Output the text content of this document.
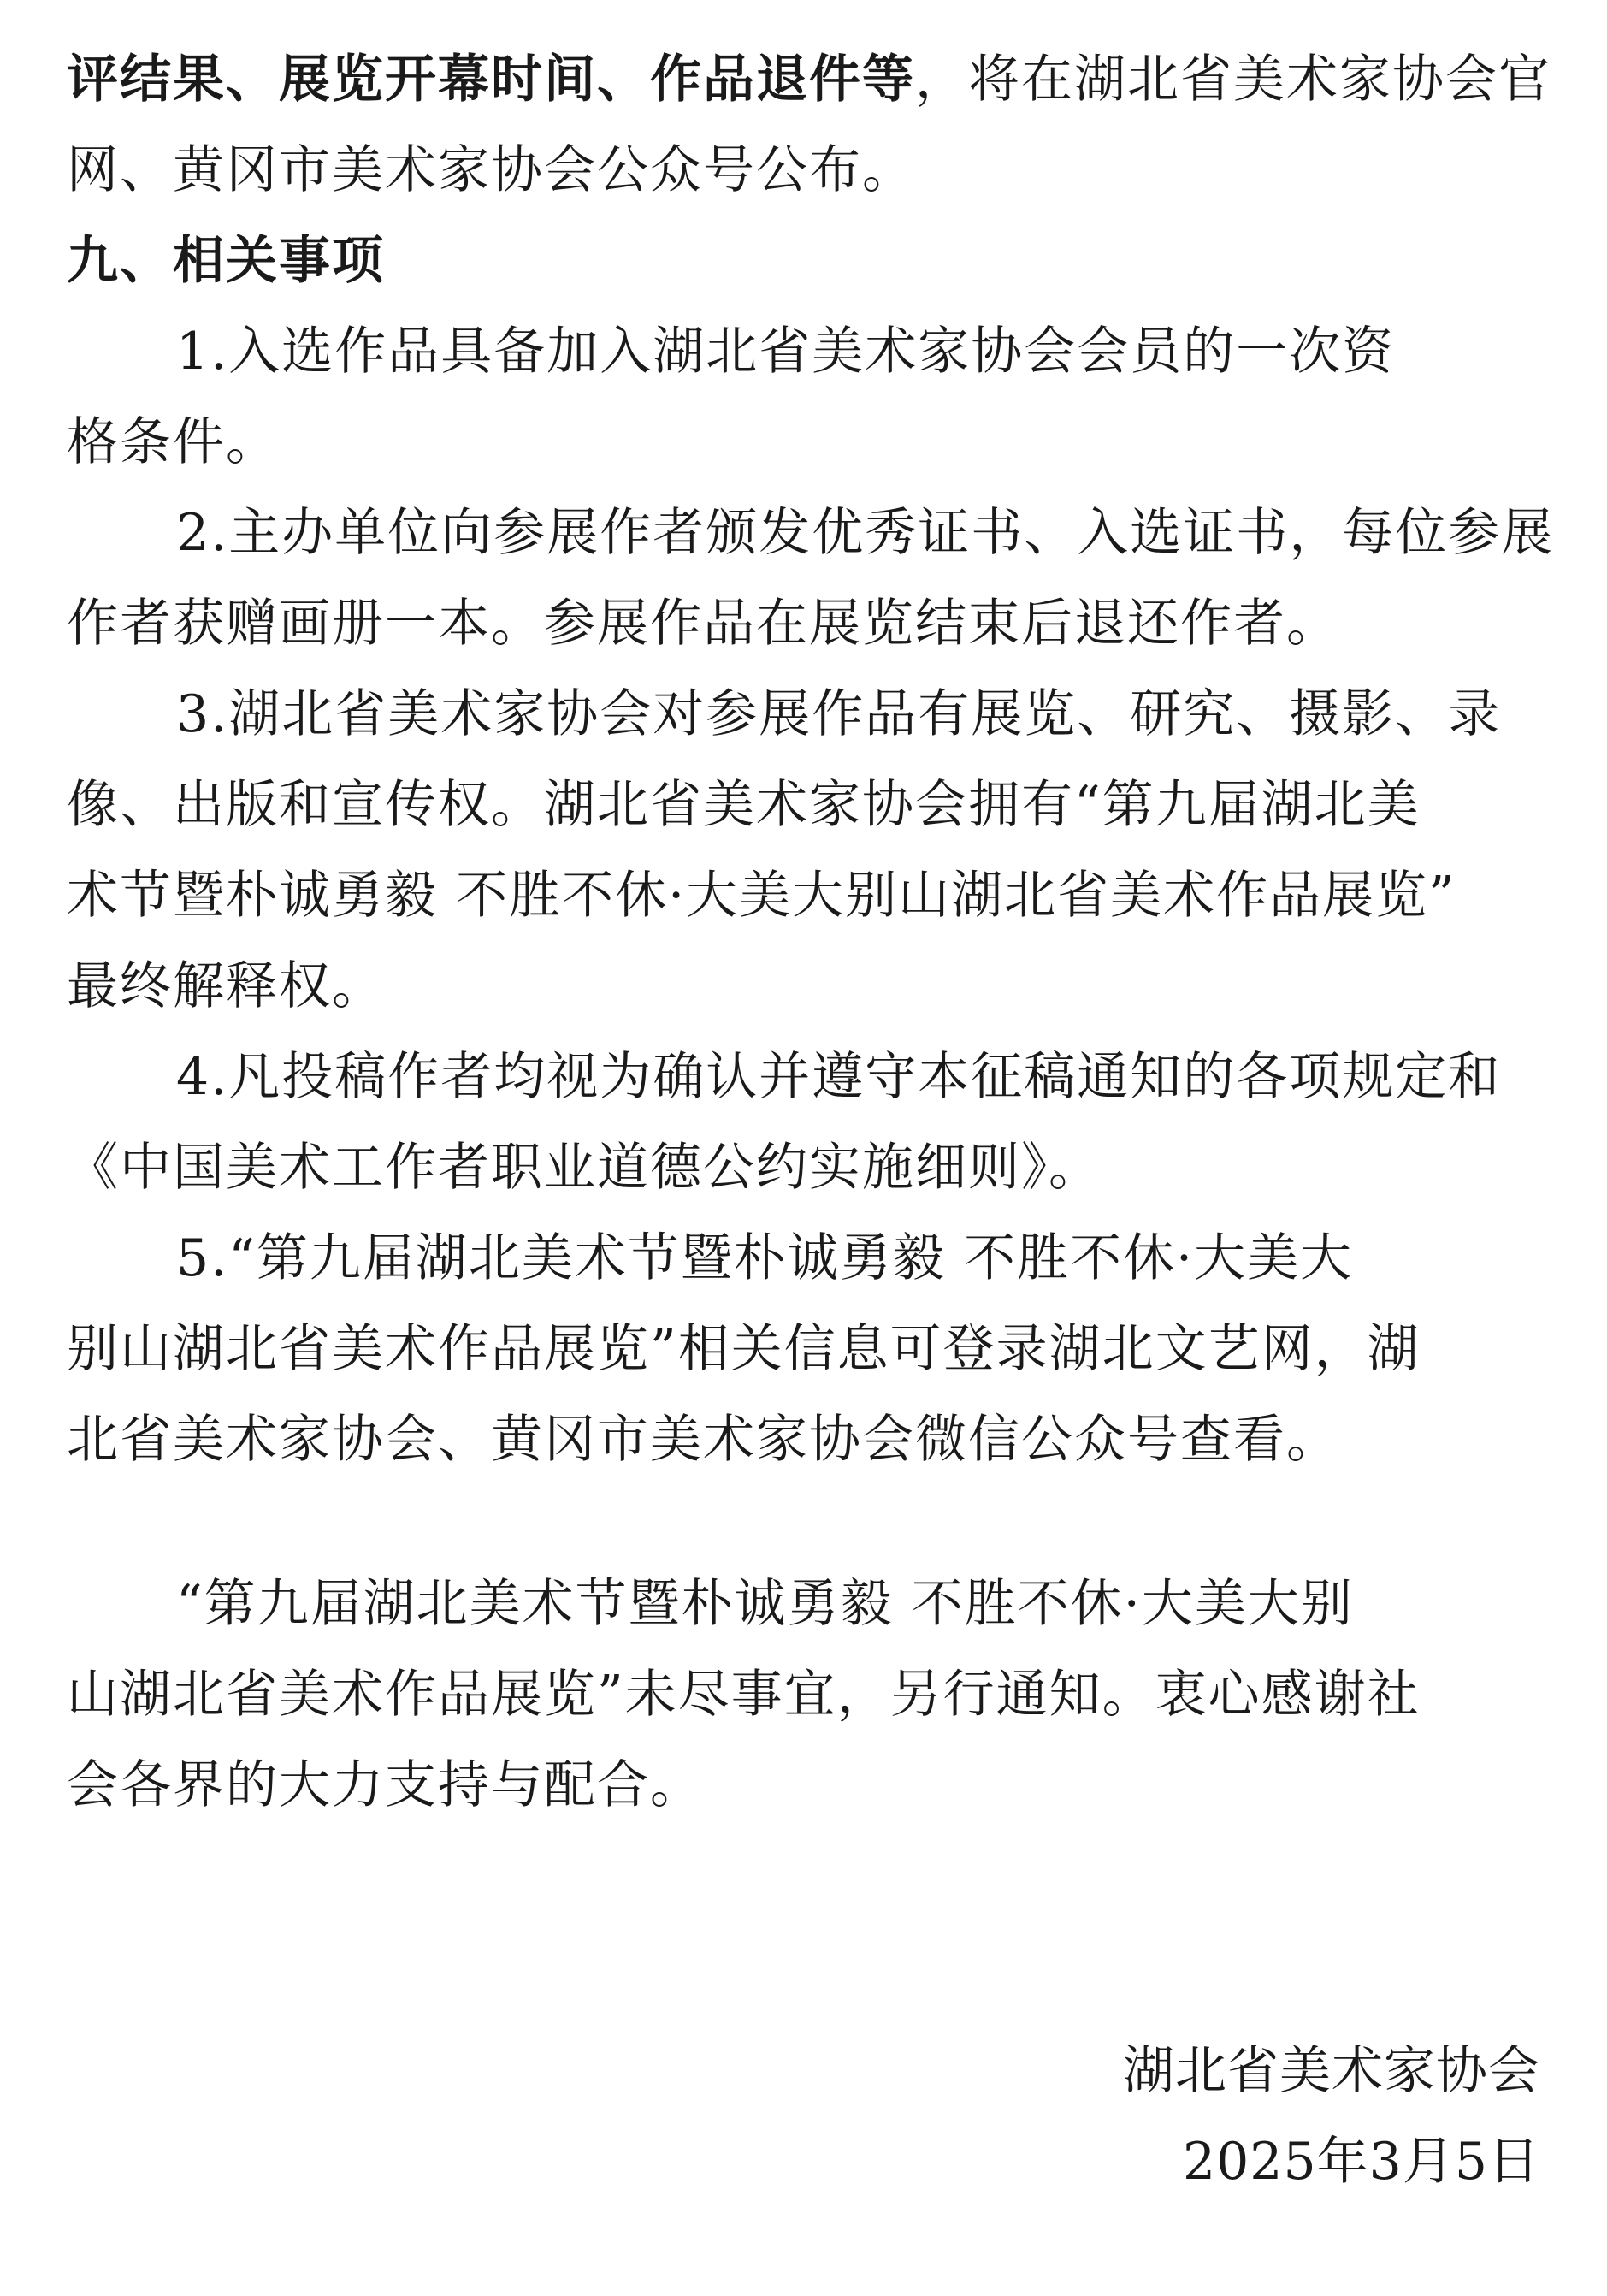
评结果、展览开幕时间、作品退件等，将在湖北省美术家协会官

网、黄冈市美术家协会公众号公布。

九、相关事项

1.入选作品具备加入湖北省美术家协会会员的一次资

格条件。

2.主办单位向参展作者颁发优秀证书、入选证书，每位参展

作者获赠画册一本。参展作品在展览结束后退还作者。

3.湖北省美术家协会对参展作品有展览、研究、摄影、录

像、出版和宣传权。湖北省美术家协会拥有“第九届湖北美

术节暨朴诚勇毅 不胜不休·大美大别山湖北省美术作品展览”

最终解释权。

4.凡投稿作者均视为确认并遵守本征稿通知的各项规定和

《中国美术工作者职业道德公约实施细则》。

5.“第九届湖北美术节暨朴诚勇毅 不胜不休·大美大

别山湖北省美术作品展览”相关信息可登录湖北文艺网，湖

北省美术家协会、黄冈市美术家协会微信公众号查看。

“第九届湖北美术节暨朴诚勇毅 不胜不休·大美大别

山湖北省美术作品展览”未尽事宜，另行通知。衷心感谢社

会各界的大力支持与配合。

湖北省美术家协会

2025年3月5日
